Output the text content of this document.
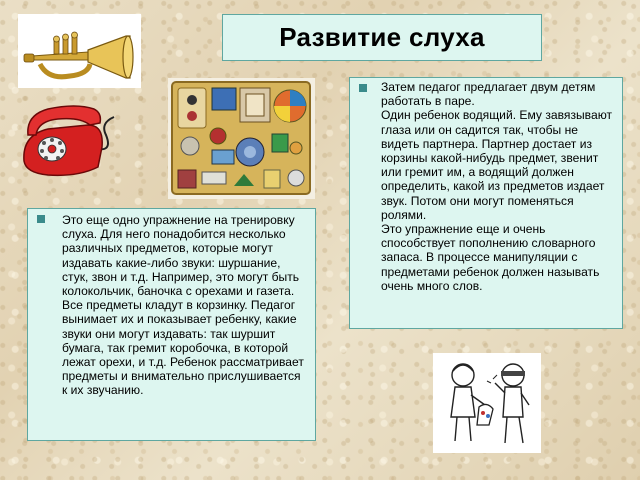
Развитие слуха
Это еще одно упражнение на тренировку слуха. Для него понадобится несколько различных предметов, которые могут издавать какие-либо звуки: шуршание, стук, звон и т.д. Например, это могут быть колокольчик, баночка с орехами и газета. Все предметы кладут в корзинку. Педагог вынимает их и показывает ребенку, какие звуки они могут издавать: так шуршит бумага, так гремит коробочка, в которой лежат орехи, и т.д. Ребенок рассматривает предметы и внимательно прислушивается к их звучанию.
Затем педагог предлагает двум детям работать в паре.
Один ребенок водящий. Ему завязывают глаза или он садится так, чтобы не видеть партнера. Партнер достает из корзины какой-нибудь предмет, звенит или гремит им, а водящий должен определить, какой из предметов издает звук. Потом они могут поменяться ролями.
Это упражнение еще и очень способствует пополнению словарного запаса. В процессе манипуляции с предметами ребенок должен называть очень много слов.
